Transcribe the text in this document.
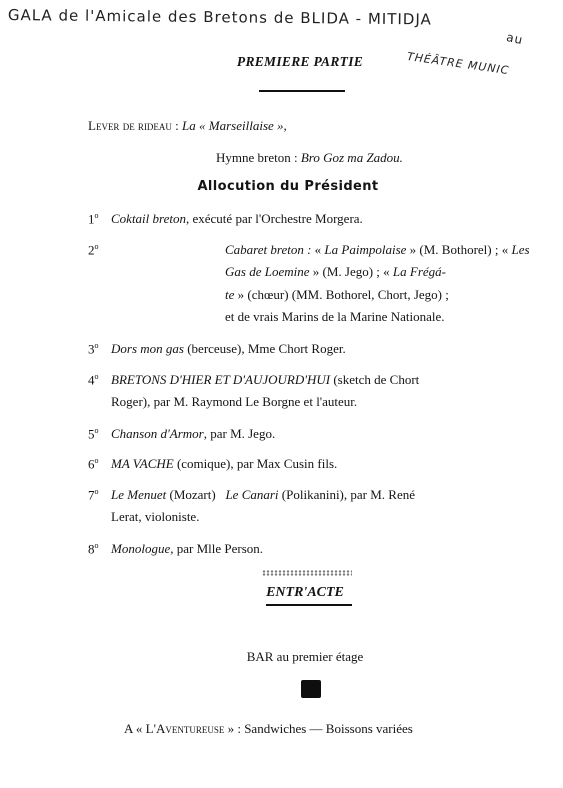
GALA de l'Amicale des Bretons de BLIDA - MITIDJA
au
THÉÂTRE MUNIC
PREMIERE PARTIE
Lever de rideau : La « Marseillaise »,
Hymne breton : Bro Goz ma Zadou.
Allocution du Président
1$^o$ Coktail breton, exécuté par l'Orchestre Morgera.
2$^o$	Cabaret breton : « La Paimpolaise » (M. Bothorel) ; « Les
Gas de Loemine » (M. Jego) ; « La Frégá-
te » (chœur) (MM. Bothorel, Chort, Jego) ;
et de vrais Marins de la Marine Nationale.
3$^o$ Dors mon gas (berceuse), Mme Chort Roger.
4$^o$ BRETONS D'HIER ET D'AUJOURD'HUI (sketch de Chort
Roger), par M. Raymond Le Borgne et l'auteur.
5$^o$ Chanson d'Armor, par M. Jego.
6$^o$ MA VACHE (comique), par Max Cusin fils.
7$^o$ Le Menuet (Mozart)   Le Canari (Polikanini), par M. René
Lerat, violoniste.
8$^o$ Monologue, par Mlle Person.
ENTR'ACTE
BAR au premier étage
A « L'Aventureuse » : Sandwiches — Boissons variées
